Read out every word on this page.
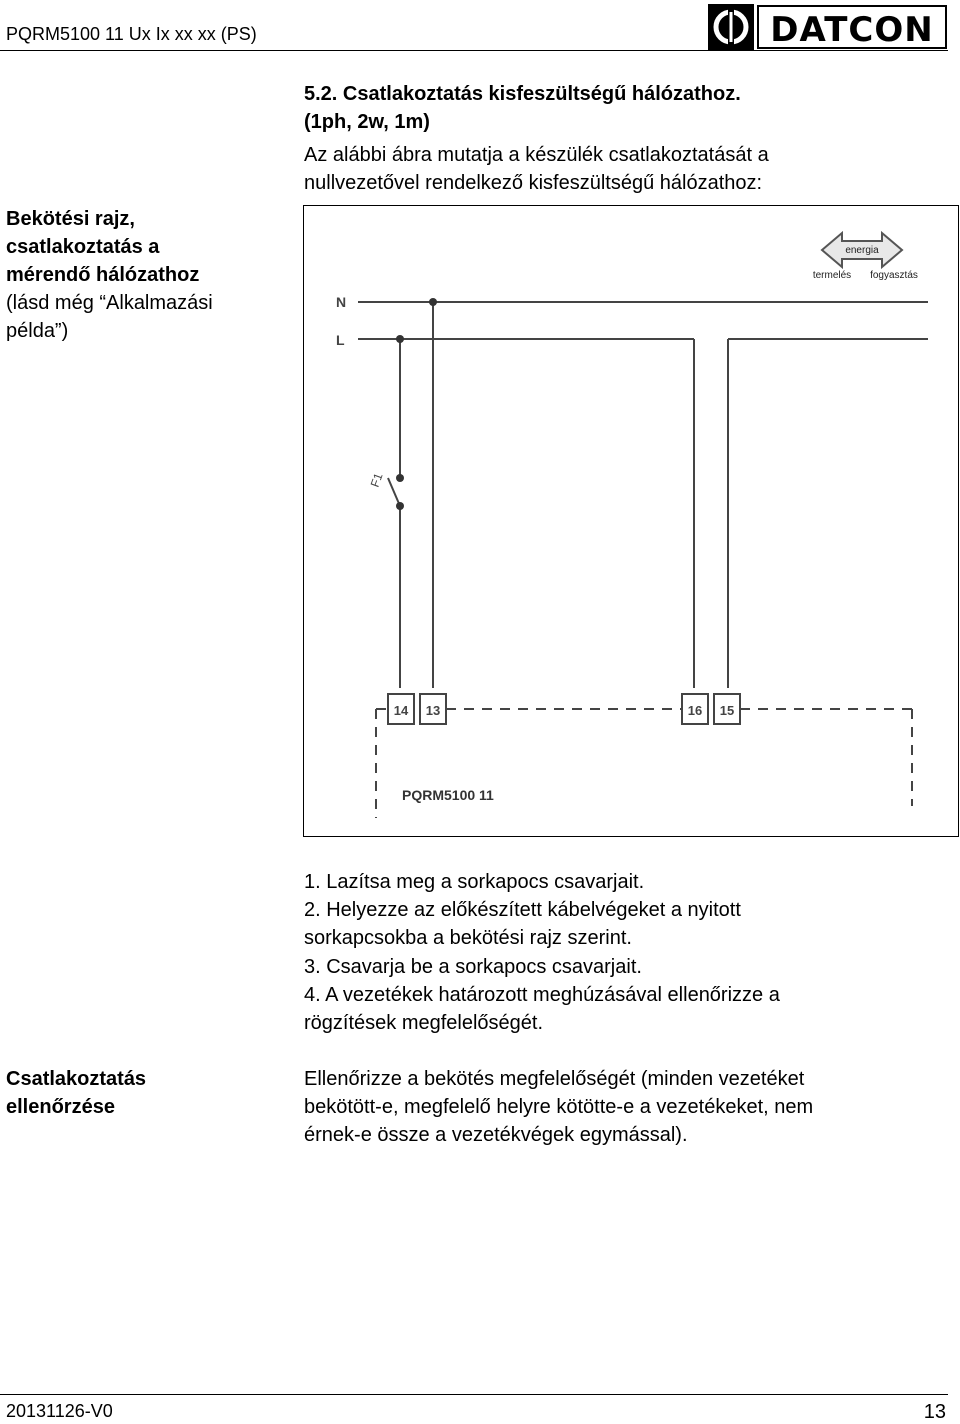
PQRM5100 11 Ux Ix xx xx (PS)	DATCON
5.2. Csatlakoztatás kisfeszültségű hálózathoz.
(1ph, 2w, 1m)
Az alábbi ábra mutatja a készülék csatlakoztatását a
nullvezetővel rendelkező kisfeszültségű hálózathoz:
Bekötési rajz,
csatlakoztatás a
mérendő hálózathoz
(lásd még “Alkalmazási
példa”)
energia
termelés fogyasztás
N
L
F1
14 13	16 15
PQRM5100 11
1. Lazítsa meg a sorkapocs csavarjait.
2. Helyezze az előkészített kábelvégeket a nyitott
sorkapcsokba a bekötési rajz szerint.
3. Csavarja be a sorkapocs csavarjait.
4. A vezetékek határozott meghúzásával ellenőrizze a
rögzítések megfelelőségét.
Csatlakoztatás
ellenőrzése
Ellenőrizze a bekötés megfelelőségét (minden vezetéket
bekötött-e, megfelelő helyre kötötte-e a vezetékeket, nem
érnek-e össze a vezetékvégek egymással).
20131126-V0	13
